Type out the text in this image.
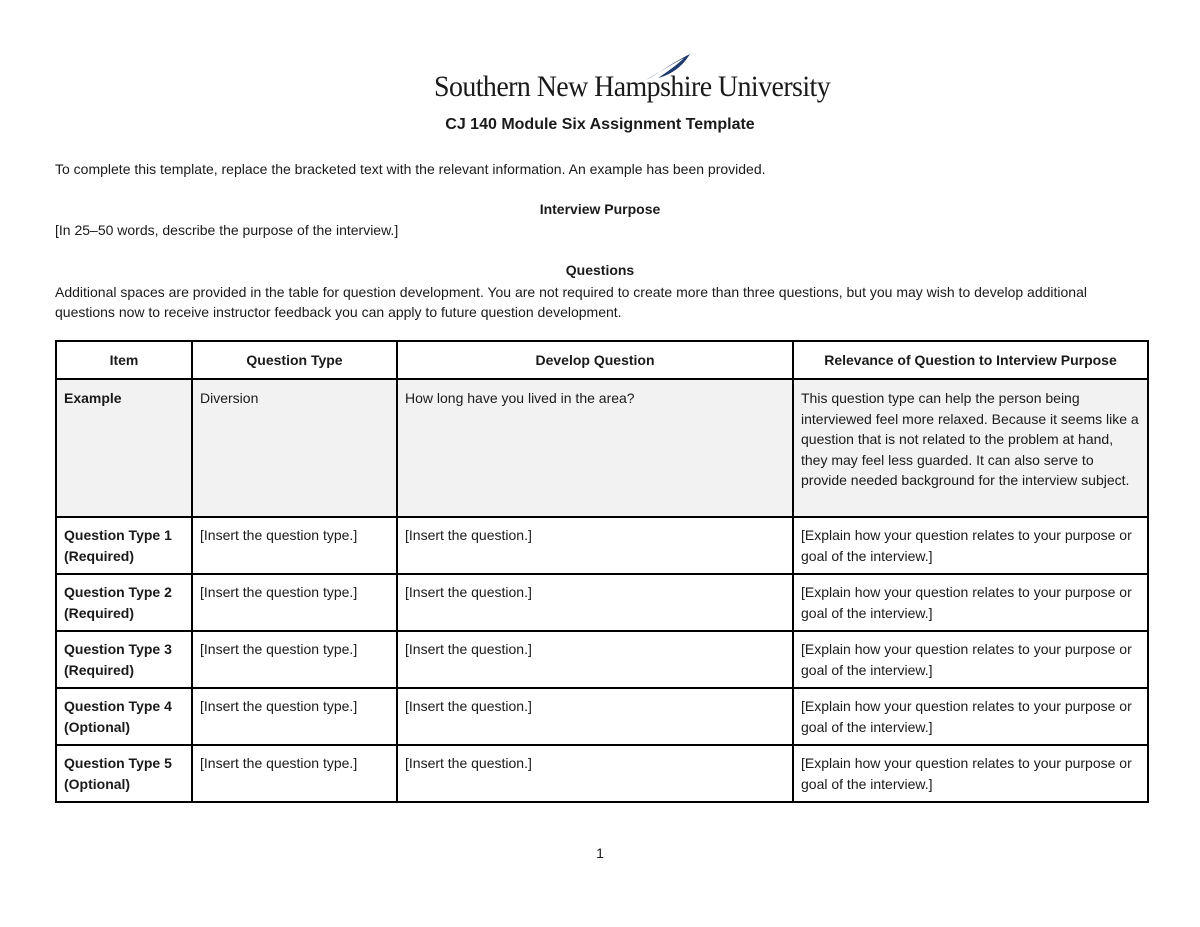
Southern New Hampshire University
CJ 140 Module Six Assignment Template
To complete this template, replace the bracketed text with the relevant information. An example has been provided.
Interview Purpose
[In 25–50 words, describe the purpose of the interview.]
Questions
Additional spaces are provided in the table for question development. You are not required to create more than three questions, but you may wish to develop additional questions now to receive instructor feedback you can apply to future question development.
Item	Question Type	Develop Question	Relevance of Question to Interview Purpose
Example	Diversion	How long have you lived in the area?	This question type can help the person being interviewed feel more relaxed. Because it seems like a question that is not related to the problem at hand, they may feel less guarded. It can also serve to provide needed background for the interview subject.
Question Type 1 (Required)	[Insert the question type.]	[Insert the question.]	[Explain how your question relates to your purpose or goal of the interview.]
Question Type 2 (Required)	[Insert the question type.]	[Insert the question.]	[Explain how your question relates to your purpose or goal of the interview.]
Question Type 3 (Required)	[Insert the question type.]	[Insert the question.]	[Explain how your question relates to your purpose or goal of the interview.]
Question Type 4 (Optional)	[Insert the question type.]	[Insert the question.]	[Explain how your question relates to your purpose or goal of the interview.]
Question Type 5 (Optional)	[Insert the question type.]	[Insert the question.]	[Explain how your question relates to your purpose or goal of the interview.]
1
